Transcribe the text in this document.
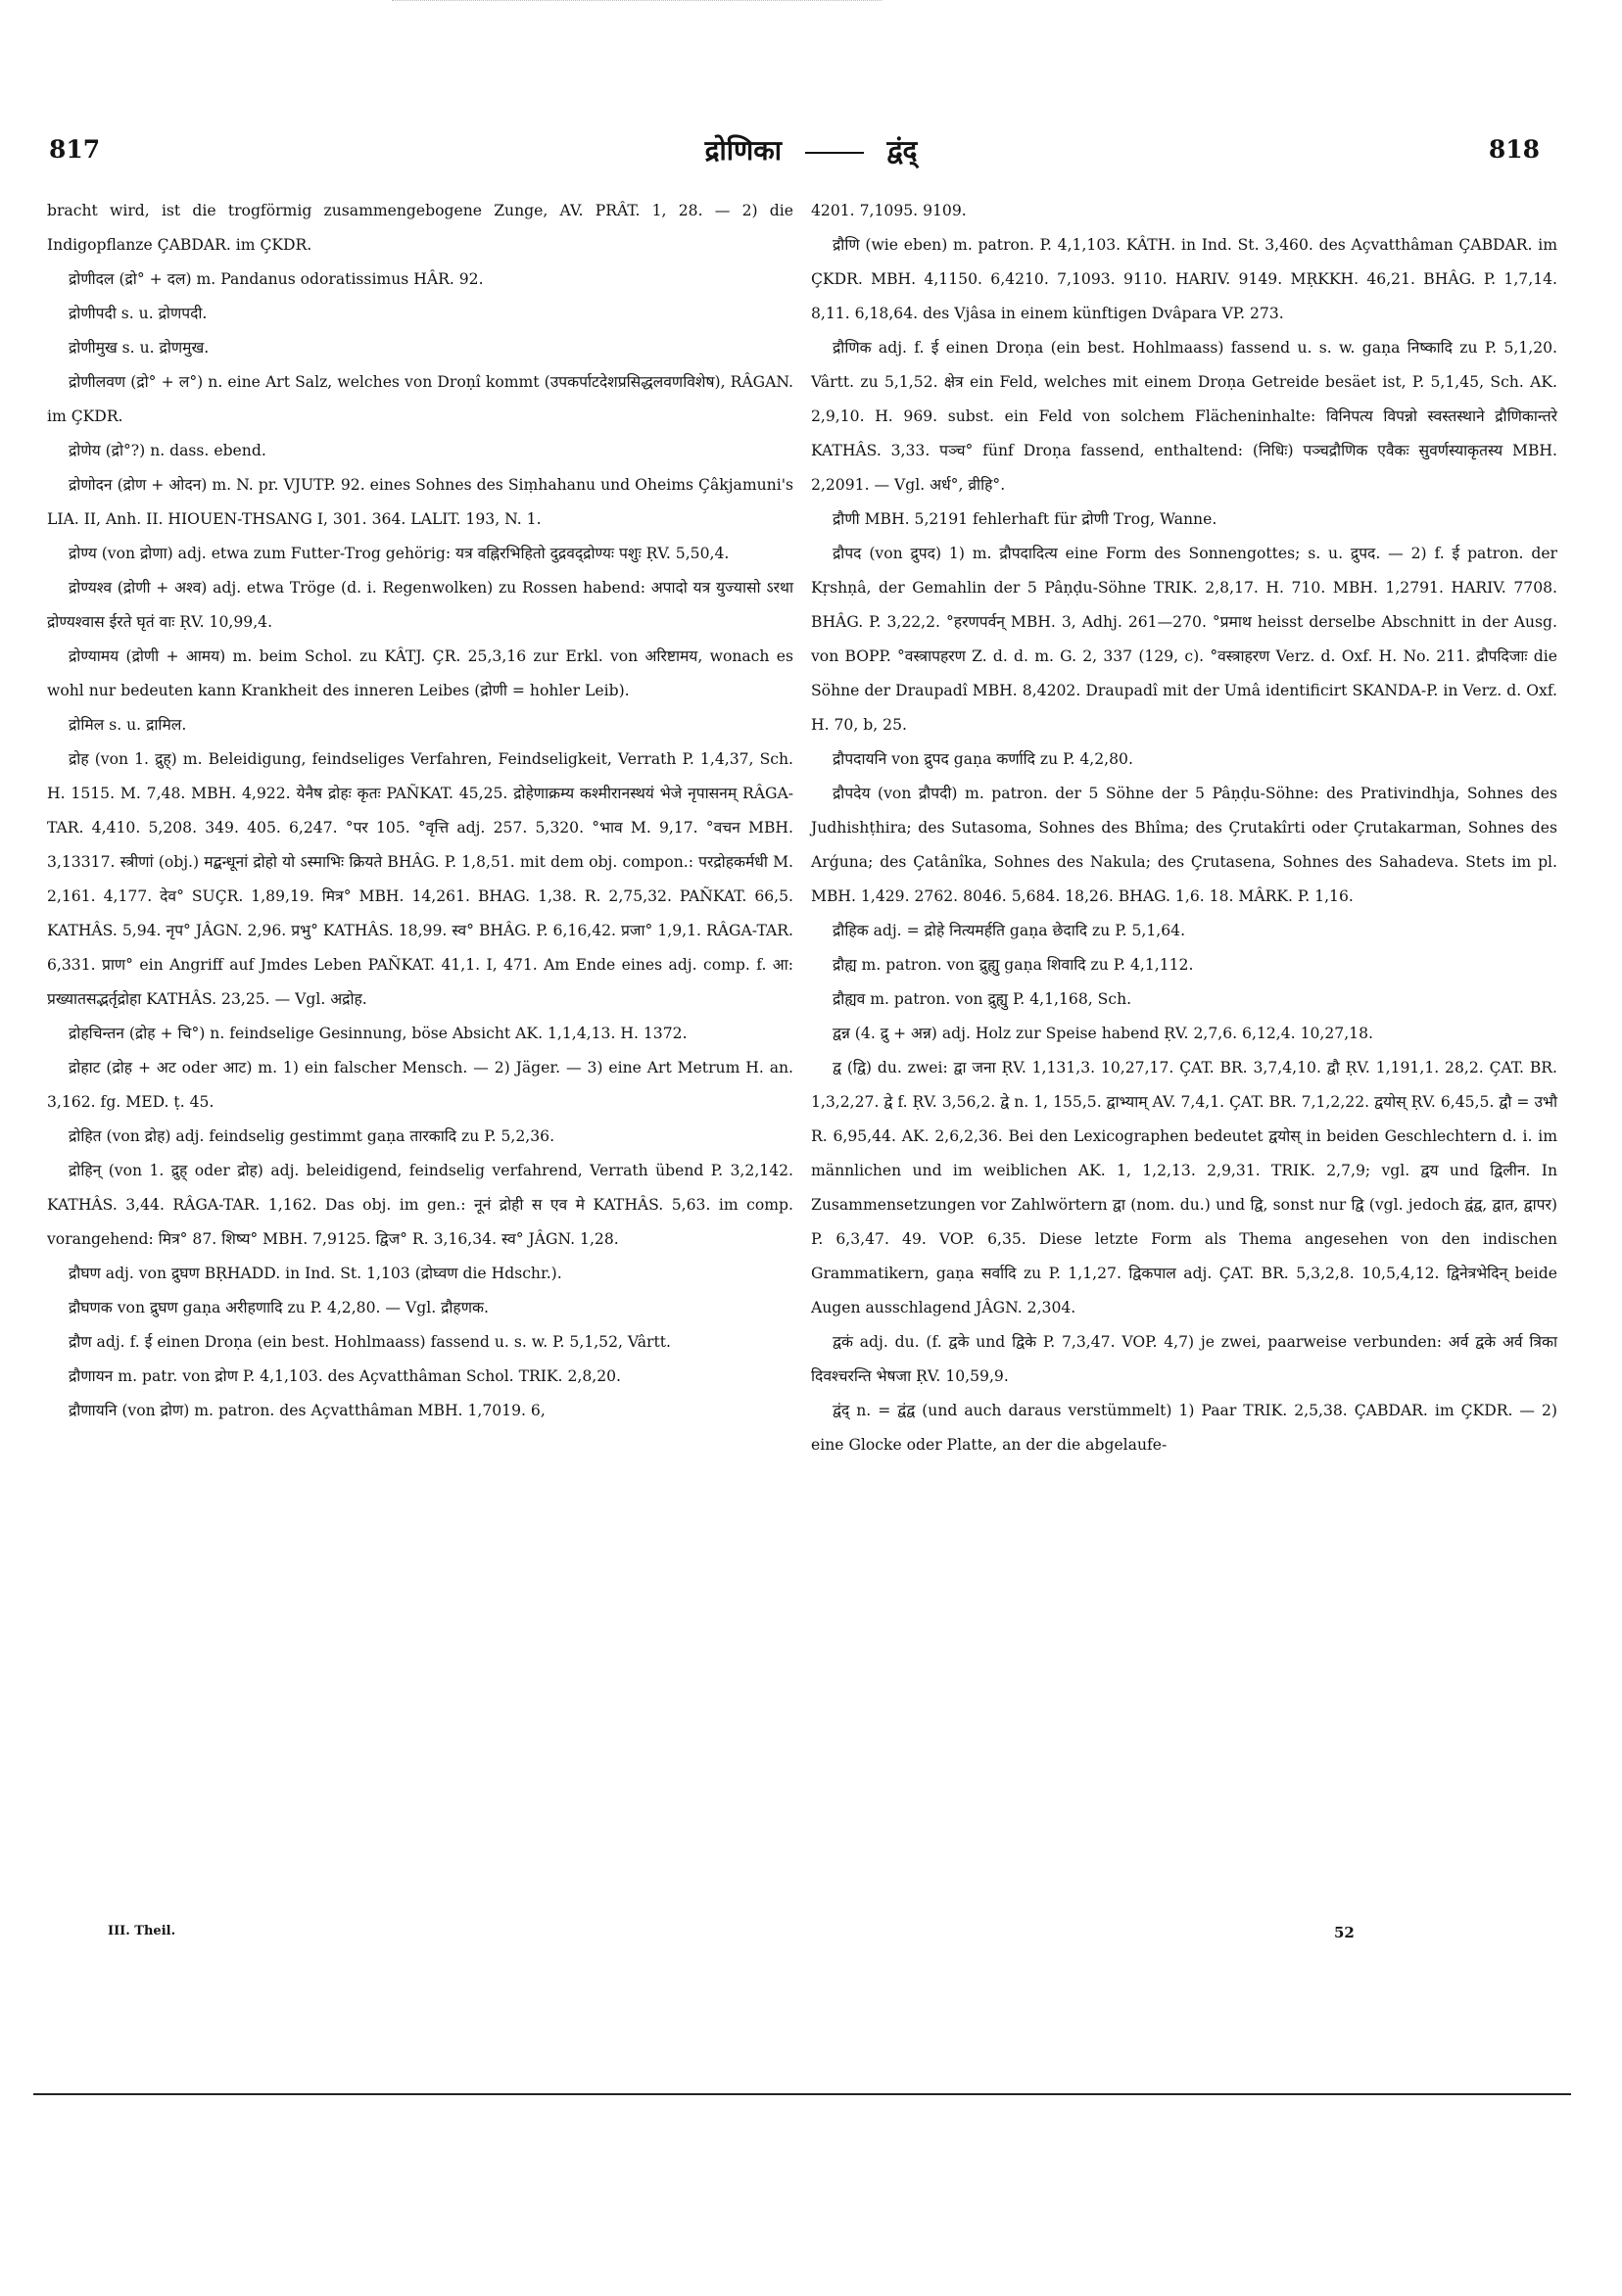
817	द्रोणिका	द्वंद्	818

bracht wird, ist die trogförmig zusammengebogene Zunge, AV. PRÂT. 1, 28. — 2) die Indigopflanze ÇABDAR. im ÇKDR.

द्रोणीदल (द्रो° + दल) m. Pandanus odoratissimus HÂR. 92.

द्रोणीपदी s. u. द्रोणपदी.

द्रोणीमुख s. u. द्रोणमुख.

द्रोणीलवण (द्रो° + ल°) n. eine Art Salz, welches von Droṇî kommt (उपकर्पाटदेशप्रसिद्धलवणविशेष), RÂGAN. im ÇKDR.

द्रोणेय (द्रो°?) n. dass. ebend.

द्रोणोदन (द्रोण + ओदन) m. N. pr. VJUTP. 92. eines Sohnes des Siṃhahanu und Oheims Çâkjamuni's LIA. II, Anh. II. HIOUEN-THSANG I, 301. 364. LALIT. 193, N. 1.

द्रोण्य (von द्रोणा) adj. etwa zum Futter-Trog gehörig: यत्र वह्निरभिहितो दुद्रवद्द्रोण्यः पशुः ṚV. 5,50,4.

द्रोण्यश्व (द्रोणी + अश्व) adj. etwa Tröge (d. i. Regenwolken) zu Rossen habend: अपादो यत्र युज्यासो ऽरथा द्रोण्यश्वास ईरते घृतं वाः ṚV. 10,99,4.

द्रोण्यामय (द्रोणी + आमय) m. beim Schol. zu KÂTJ. ÇR. 25,3,16 zur Erkl. von अरिष्टामय, wonach es wohl nur bedeuten kann Krankheit des inneren Leibes (द्रोणी = hohler Leib).

द्रोमिल s. u. द्रामिल.

द्रोह (von 1. द्रुह्) m. Beleidigung, feindseliges Verfahren, Feindseligkeit, Verrath P. 1,4,37, Sch. H. 1515. M. 7,48. MBH. 4,922. येनैष द्रोहः कृतः PAÑKAT. 45,25. द्रोहेणाक्रम्य कश्मीरानस्थयं भेजे नृपासनम् RÂGA-TAR. 4,410. 5,208. 349. 405. 6,247. °पर 105. °वृत्ति adj. 257. 5,320. °भाव M. 9,17. °वचन MBH. 3,13317. स्त्रीणां (obj.) मद्बन्धूनां द्रोहो यो ऽस्माभिः क्रियते BHÂG. P. 1,8,51. mit dem obj. compon.: परद्रोहकर्मधी M. 2,161. 4,177. देव° SUÇR. 1,89,19. मित्र° MBH. 14,261. BHAG. 1,38. R. 2,75,32. PAÑKAT. 66,5. KATHÂS. 5,94. नृप° JÂGN. 2,96. प्रभु° KATHÂS. 18,99. स्व° BHÂG. P. 6,16,42. प्रजा° 1,9,1. RÂGA-TAR. 6,331. प्राण° ein Angriff auf Jmdes Leben PAÑKAT. 41,1. I, 471. Am Ende eines adj. comp. f. आ: प्रख्यातसद्भर्तृद्रोहा KATHÂS. 23,25. — Vgl. अद्रोह.

द्रोहचिन्तन (द्रोह + चि°) n. feindselige Gesinnung, böse Absicht AK. 1,1,4,13. H. 1372.

द्रोहाट (द्रोह + अट oder आट) m. 1) ein falscher Mensch. — 2) Jäger. — 3) eine Art Metrum H. an. 3,162. fg. MED. ṭ. 45.

द्रोहित (von द्रोह) adj. feindselig gestimmt gaṇa तारकादि zu P. 5,2,36.

द्रोहिन् (von 1. द्रुह् oder द्रोह) adj. beleidigend, feindselig verfahrend, Verrath übend P. 3,2,142. KATHÂS. 3,44. RÂGA-TAR. 1,162. Das obj. im gen.: नूनं द्रोही स एव मे KATHÂS. 5,63. im comp. vorangehend: मित्र° 87. शिष्य° MBH. 7,9125. द्विज° R. 3,16,34. स्व° JÂGN. 1,28.

द्रौघण adj. von द्रुघण BṚHADD. in Ind. St. 1,103 (द्रोघ्वण die Hdschr.).

द्रौघणक von द्रुघण gaṇa अरीहणादि zu P. 4,2,80. — Vgl. द्रौहणक.

द्रौण adj. f. ई einen Droṇa (ein best. Hohlmaass) fassend u. s. w. P. 5,1,52, Vârtt.

द्रौणायन m. patr. von द्रोण P. 4,1,103. des Açvatthâman Schol. TRIK. 2,8,20.

द्रौणायनि (von द्रोण) m. patron. des Açvatthâman MBH. 1,7019. 6,

4201. 7,1095. 9109.

द्रौणि (wie eben) m. patron. P. 4,1,103. KÂTH. in Ind. St. 3,460. des Açvatthâman ÇABDAR. im ÇKDR. MBH. 4,1150. 6,4210. 7,1093. 9110. HARIV. 9149. MṚKKH. 46,21. BHÂG. P. 1,7,14. 8,11. 6,18,64. des Vjâsa in einem künftigen Dvâpara VP. 273.

द्रौणिक adj. f. ई einen Droṇa (ein best. Hohlmaass) fassend u. s. w. gaṇa निष्कादि zu P. 5,1,20. Vârtt. zu 5,1,52. क्षेत्र ein Feld, welches mit einem Droṇa Getreide besäet ist, P. 5,1,45, Sch. AK. 2,9,10. H. 969. subst. ein Feld von solchem Flächeninhalte: विनिपत्य विपन्नो स्वस्तस्थाने द्रौणिकान्तरे KATHÂS. 3,33. पञ्च° fünf Droṇa fassend, enthaltend: (निधिः) पञ्चद्रौणिक एवैकः सुवर्णस्याकृतस्य MBH. 2,2091. — Vgl. अर्ध°, व्रीहि°.

द्रौणी MBH. 5,2191 fehlerhaft für द्रोणी Trog, Wanne.

द्रौपद (von द्रुपद) 1) m. द्रौपदादित्य eine Form des Sonnengottes; s. u. द्रुपद. — 2) f. ई patron. der Kṛshṇâ, der Gemahlin der 5 Pâṇḍu-Söhne TRIK. 2,8,17. H. 710. MBH. 1,2791. HARIV. 7708. BHÂG. P. 3,22,2. °हरणपर्वन् MBH. 3, Adhj. 261—270. °प्रमाथ heisst derselbe Abschnitt in der Ausg. von BOPP. °वस्त्रापहरण Z. d. d. m. G. 2, 337 (129, c). °वस्त्राहरण Verz. d. Oxf. H. No. 211. द्रौपदिजाः die Söhne der Draupadî MBH. 8,4202. Draupadî mit der Umâ identificirt SKANDA-P. in Verz. d. Oxf. H. 70, b, 25.

द्रौपदायनि von द्रुपद gaṇa कर्णादि zu P. 4,2,80.

द्रौपदेय (von द्रौपदी) m. patron. der 5 Söhne der 5 Pâṇḍu-Söhne: des Prativindhja, Sohnes des Judhishṭhira; des Sutasoma, Sohnes des Bhîma; des Çrutakîrti oder Çrutakarman, Sohnes des Arǵuna; des Çatânîka, Sohnes des Nakula; des Çrutasena, Sohnes des Sahadeva. Stets im pl. MBH. 1,429. 2762. 8046. 5,684. 18,26. BHAG. 1,6. 18. MÂRK. P. 1,16.

द्रौहिक adj. = द्रोहे नित्यमर्हति gaṇa छेदादि zu P. 5,1,64.

द्रौह्य m. patron. von द्रुह्यु gaṇa शिवादि zu P. 4,1,112.

द्रौह्यव m. patron. von द्रुह्यु P. 4,1,168, Sch.

द्वन्न (4. द्रु + अन्न) adj. Holz zur Speise habend ṚV. 2,7,6. 6,12,4. 10,27,18.

द्व (द्वि) du. zwei: द्वा जना ṚV. 1,131,3. 10,27,17. ÇAT. BR. 3,7,4,10. द्वौ ṚV. 1,191,1. 28,2. ÇAT. BR. 1,3,2,27. द्वे f. ṚV. 3,56,2. द्वे n. 1, 155,5. द्वाभ्याम् AV. 7,4,1. ÇAT. BR. 7,1,2,22. द्वयोस् ṚV. 6,45,5. द्वौ = उभौ R. 6,95,44. AK. 2,6,2,36. Bei den Lexicographen bedeutet द्वयोस् in beiden Geschlechtern d. i. im männlichen und im weiblichen AK. 1, 1,2,13. 2,9,31. TRIK. 2,7,9; vgl. द्वय und द्विलीन. In Zusammensetzungen vor Zahlwörtern द्वा (nom. du.) und द्वि, sonst nur द्वि (vgl. jedoch द्वंद्व, द्वात, द्वापर) P. 6,3,47. 49. VOP. 6,35. Diese letzte Form als Thema angesehen von den indischen Grammatikern, gaṇa सर्वादि zu P. 1,1,27. द्विकपाल adj. ÇAT. BR. 5,3,2,8. 10,5,4,12. द्विनेत्रभेदिन् beide Augen ausschlagend JÂGN. 2,304.

द्वकं adj. du. (f. द्वके und द्विके P. 7,3,47. VOP. 4,7) je zwei, paarweise verbunden: अर्व द्वके अर्व त्रिका दिवश्चरन्ति भेषजा ṚV. 10,59,9.

द्वंद् n. = द्वंद्व (und auch daraus verstümmelt) 1) Paar TRIK. 2,5,38. ÇABDAR. im ÇKDR. — 2) eine Glocke oder Platte, an der die abgelaufe-

III. Theil.	52
